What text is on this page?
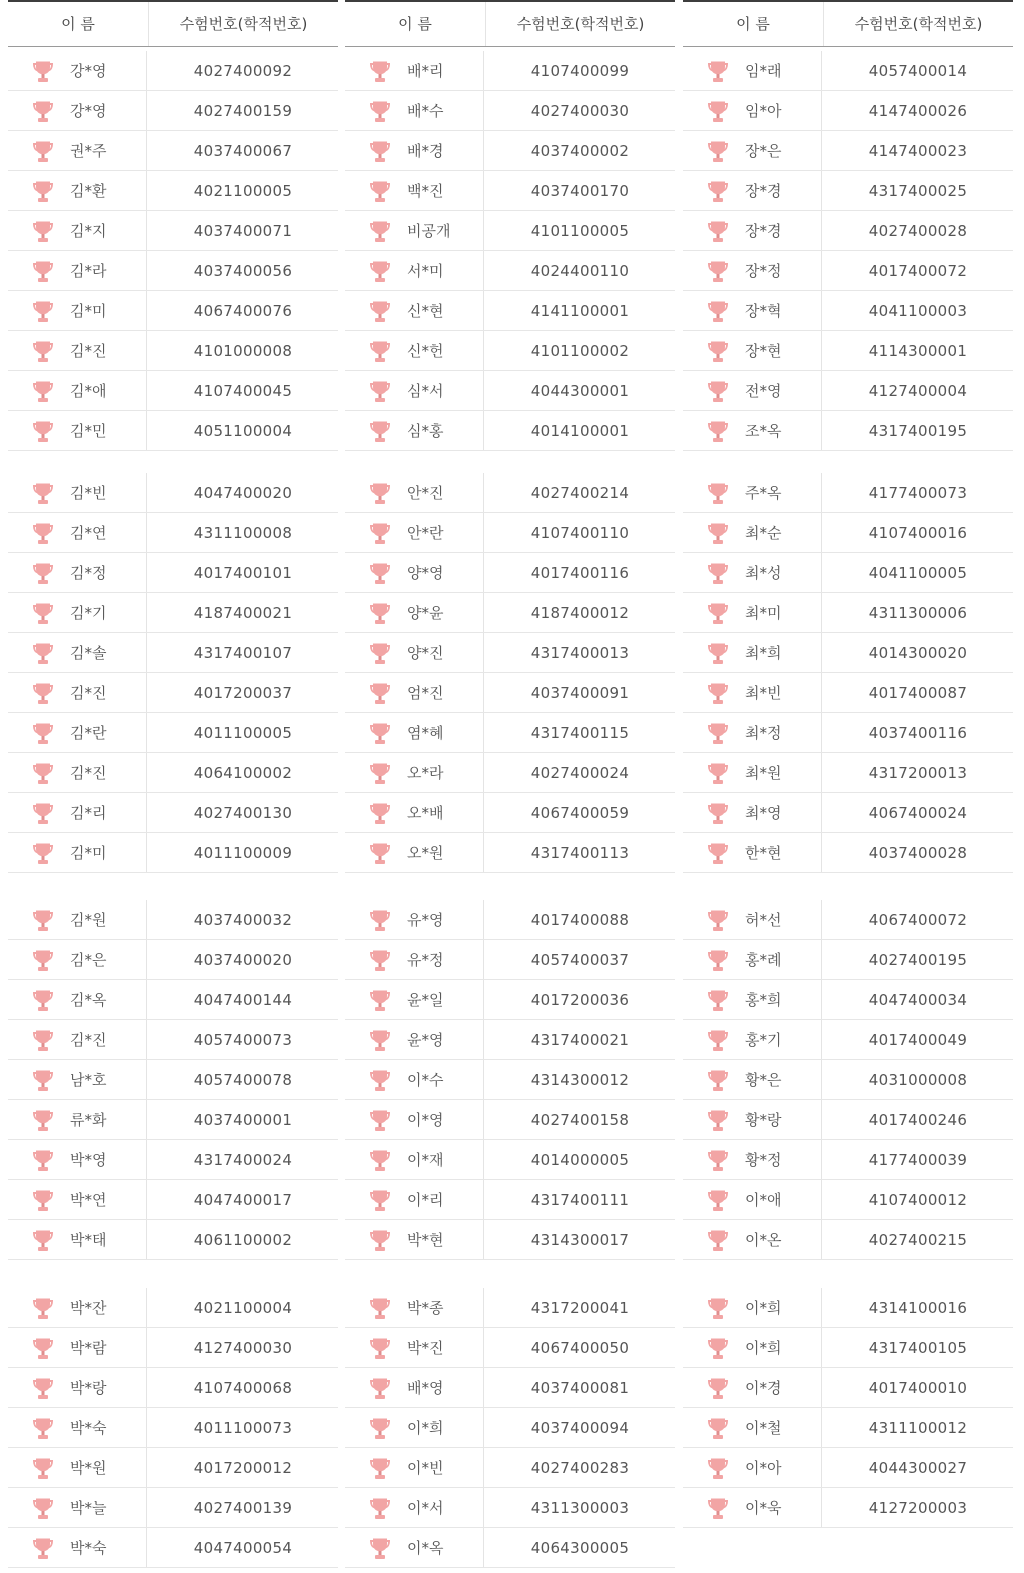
이 름	수험번호(학적번호)
강*영	4027400092
강*영	4027400159
권*주	4037400067
김*환	4021100005
김*지	4037400071
김*라	4037400056
김*미	4067400076
김*진	4101000008
김*애	4107400045
김*민	4051100004
김*빈	4047400020
김*연	4311100008
김*정	4017400101
김*기	4187400021
김*솔	4317400107
김*진	4017200037
김*란	4011100005
김*진	4064100002
김*리	4027400130
김*미	4011100009
김*원	4037400032
김*은	4037400020
김*옥	4047400144
김*진	4057400073
남*호	4057400078
류*화	4037400001
박*영	4317400024
박*연	4047400017
박*태	4061100002
박*잔	4021100004
박*람	4127400030
박*랑	4107400068
박*숙	4011100073
박*원	4017200012
박*늘	4027400139
박*숙	4047400054
이 름	수험번호(학적번호)
배*리	4107400099
배*수	4027400030
배*경	4037400002
백*진	4037400170
비공개	4101100005
서*미	4024400110
신*현	4141100001
신*헌	4101100002
심*서	4044300001
심*홍	4014100001
안*진	4027400214
안*란	4107400110
양*영	4017400116
양*윤	4187400012
양*진	4317400013
엄*진	4037400091
염*혜	4317400115
오*라	4027400024
오*배	4067400059
오*원	4317400113
유*영	4017400088
유*정	4057400037
윤*일	4017200036
윤*영	4317400021
이*수	4314300012
이*영	4027400158
이*재	4014000005
이*리	4317400111
박*현	4314300017
박*종	4317200041
박*진	4067400050
배*영	4037400081
이*희	4037400094
이*빈	4027400283
이*서	4311300003
이*옥	4064300005
이 름	수험번호(학적번호)
임*래	4057400014
임*아	4147400026
장*은	4147400023
장*경	4317400025
장*경	4027400028
장*정	4017400072
장*혁	4041100003
장*현	4114300001
전*영	4127400004
조*옥	4317400195
주*옥	4177400073
최*순	4107400016
최*성	4041100005
최*미	4311300006
최*희	4014300020
최*빈	4017400087
최*정	4037400116
최*원	4317200013
최*영	4067400024
한*현	4037400028
허*선	4067400072
홍*례	4027400195
홍*희	4047400034
홍*기	4017400049
황*은	4031000008
황*랑	4017400246
황*정	4177400039
이*애	4107400012
이*온	4027400215
이*희	4314100016
이*희	4317400105
이*경	4017400010
이*철	4311100012
이*아	4044300027
이*욱	4127200003
